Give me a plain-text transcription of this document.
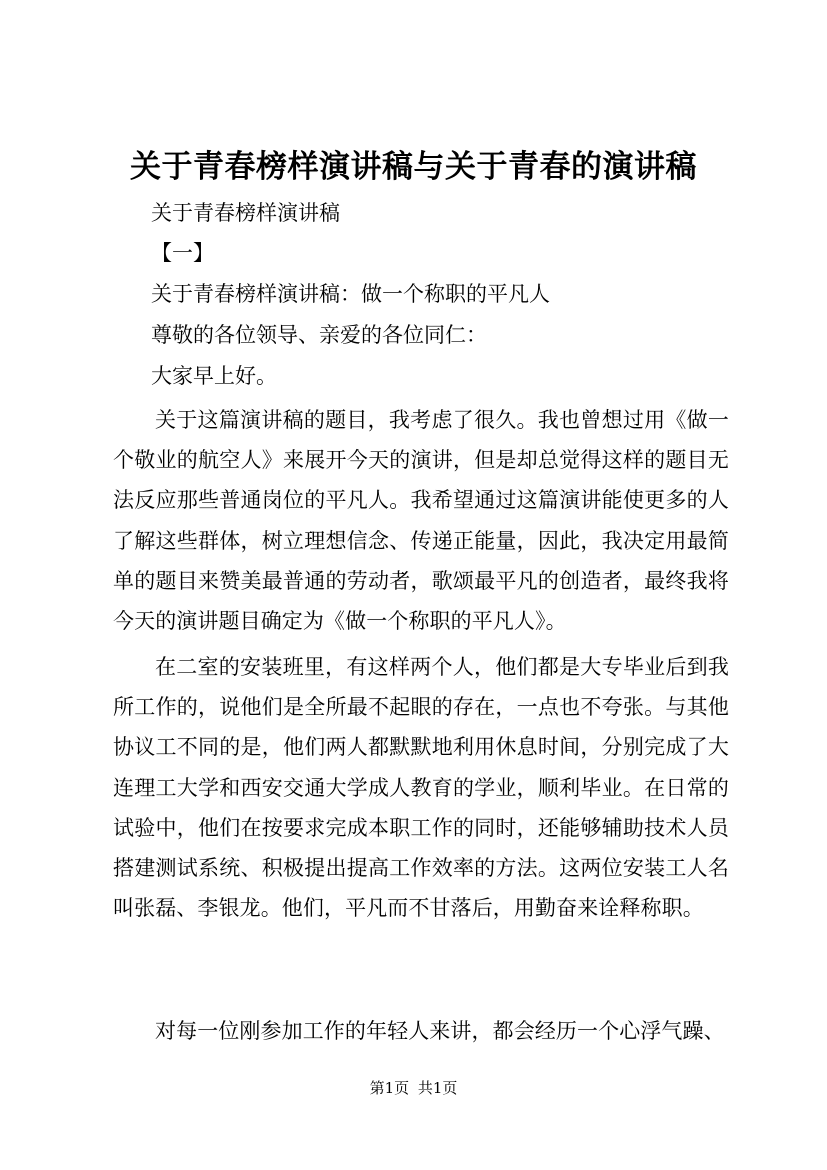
关于青春榜样演讲稿与关于青春的演讲稿
关于青春榜样演讲稿
【一】
关于青春榜样演讲稿：做一个称职的平凡人
尊敬的各位领导、亲爱的各位同仁：
大家早上好。
关于这篇演讲稿的题目，我考虑了很久。我也曾想过用《做一个敬业的航空人》来展开今天的演讲，但是却总觉得这样的题目无法反应那些普通岗位的平凡人。我希望通过这篇演讲能使更多的人了解这些群体，树立理想信念、传递正能量，因此，我决定用最简单的题目来赞美最普通的劳动者，歌颂最平凡的创造者，最终我将今天的演讲题目确定为《做一个称职的平凡人》。
在二室的安装班里，有这样两个人，他们都是大专毕业后到我所工作的，说他们是全所最不起眼的存在，一点也不夸张。与其他协议工不同的是，他们两人都默默地利用休息时间，分别完成了大连理工大学和西安交通大学成人教育的学业，顺利毕业。在日常的试验中，他们在按要求完成本职工作的同时，还能够辅助技术人员搭建测试系统、积极提出提高工作效率的方法。这两位安装工人名叫张磊、李银龙。他们，平凡而不甘落后，用勤奋来诠释称职。
对每一位刚参加工作的年轻人来讲，都会经历一个心浮气躁、
第1页 共1页
